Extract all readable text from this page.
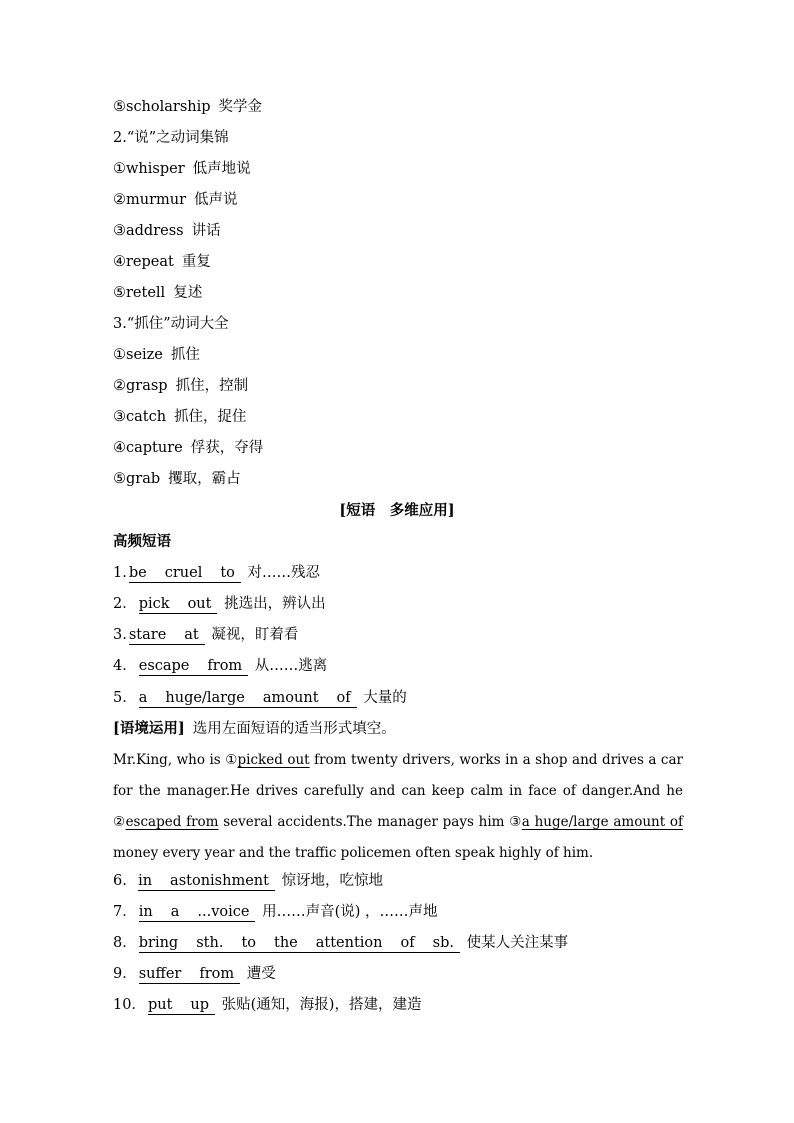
⑤scholarship 奖学金
2.“说”之动词集锦
①whisper 低声地说
②murmur 低声说
③address 讲话
④repeat 重复
⑤retell 复述
3.“抓住”动词大全
①seize 抓住
②grasp 抓住，控制
③catch 抓住，捉住
④capture 俘获，夺得
⑤grab 攫取，霸占
[短语　多维应用]
高频短语
1. be cruel to 对……残忍
2． pick out 挑选出，辨认出
3. stare at 凝视，盯着看
4． escape from 从……逃离
5． a huge/large amount of 大量的
[语境运用] 选用左面短语的适当形式填空。
Mr.King, who is ①picked out from twenty drivers, works in a shop and drives a car for the manager.He drives carefully and can keep calm in face of danger.And he ②escaped from several accidents.The manager pays him ③a huge/large amount of money every year and the traffic policemen often speak highly of him.
6. in astonishment 惊讶地，吃惊地
7． in a ...voice 用……声音(说) ，……声地
8． bring sth. to the attention of sb. 使某人关注某事
9． suffer from 遭受
10． put up 张贴(通知，海报)，搭建，建造
